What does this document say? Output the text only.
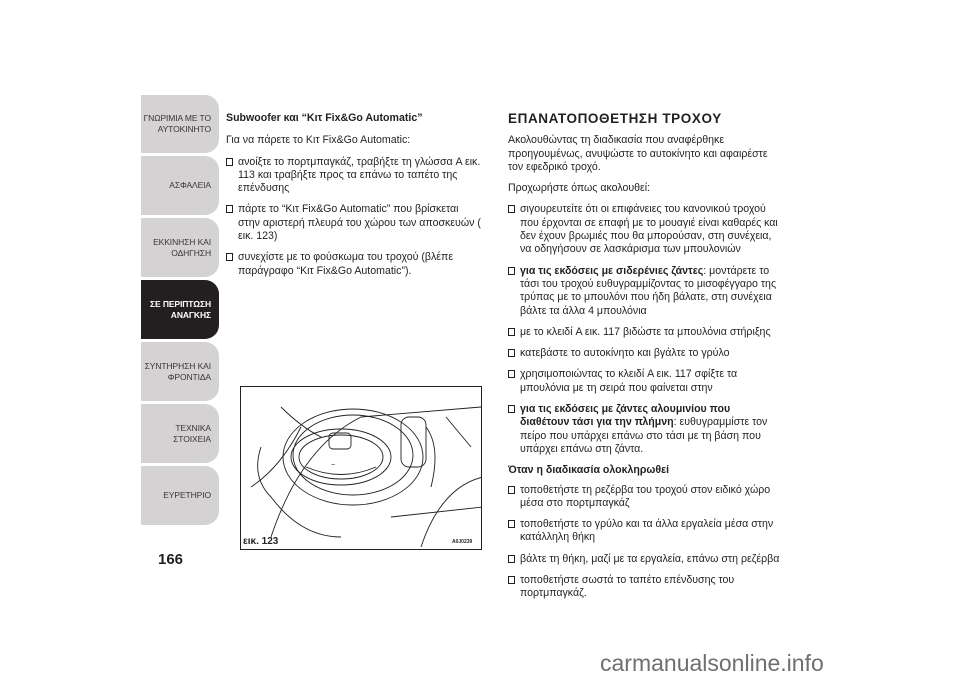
ΓΝΩΡΙΜΙΑ ΜΕ ΤΟ
ΑΥΤΟΚΙΝΗΤΟ
ΑΣΦΑΛΕΙΑ
ΕΚΚΙΝΗΣΗ ΚΑΙ
ΟΔΗΓΗΣΗ
ΣΕ ΠΕΡΙΠΤΩΣΗ
ΑΝΑΓΚΗΣ
ΣΥΝΤΗΡΗΣΗ ΚΑΙ
ΦΡΟΝΤΙΔΑ
ΤΕΧΝΙΚΑ ΣΤΟΙΧΕΙΑ
ΕΥΡΕΤΗΡΙΟ
166
Subwoofer και “Κιτ Fix&Go Automatic”

Για να πάρετε το Κιτ Fix&Go Automatic:

ανοίξτε το πορτμπαγκάζ, τραβήξτε τη γλώσσα A εικ. 113 και τραβήξτε προς τα επάνω το ταπέτο της επένδυσης
πάρτε το “Κιτ Fix&Go Automatic” που βρίσκεται στην αριστερή πλευρά του χώρου των αποσκευών ( εικ. 123)
συνεχίστε με το φούσκωμα του τροχού (βλέπε παράγραφο “Κιτ Fix&Go Automatic”).
~
εικ. 123	A0J0239
ΕΠΑΝΑΤΟΠΟΘΕΤΗΣΗ ΤΡΟΧΟΥ

Ακολουθώντας τη διαδικασία που αναφέρθηκε προηγουμένως, ανυψώστε το αυτοκίνητο και αφαιρέστε τον εφεδρικό τροχό.

Προχωρήστε όπως ακολουθεί:

σιγουρευτείτε ότι οι επιφάνειες του κανονικού τροχού που έρχονται σε επαφή με το μουαγιέ είναι καθαρές και δεν έχουν βρωμιές που θα μπορούσαν, στη συνέχεια, να οδηγήσουν σε λασκάρισμα των μπουλονιών
για τις εκδόσεις με σιδερένιες ζάντες: μοντάρετε το τάσι του τροχού ευθυγραμμίζοντας το μισοφέγγαρο της τρύπας με το μπουλόνι που ήδη βάλατε, στη συνέχεια βάλτε τα άλλα 4 μπουλόνια
με το κλειδί A εικ. 117 βιδώστε τα μπουλόνια στήριξης
κατεβάστε το αυτοκίνητο και βγάλτε το γρύλο
χρησιμοποιώντας το κλειδί A εικ. 117 σφίξτε τα μπουλόνια με τη σειρά που φαίνεται στην
για τις εκδόσεις με ζάντες αλουμινίου που διαθέτουν τάσι για την πλήμνη: ευθυγραμμίστε τον πείρο που υπάρχει επάνω στο τάσι με τη βάση που υπάρχει επάνω στη ζάντα.
Όταν η διαδικασία ολοκληρωθεί
τοποθετήστε τη ρεζέρβα του τροχού στον ειδικό χώρο μέσα στο πορτμπαγκάζ
τοποθετήστε το γρύλο και τα άλλα εργαλεία μέσα στην κατάλληλη θήκη
βάλτε τη θήκη, μαζί με τα εργαλεία, επάνω στη ρεζέρβα
τοποθετήστε σωστά το ταπέτο επένδυσης του πορτμπαγκάζ.
carmanualsonline.info
